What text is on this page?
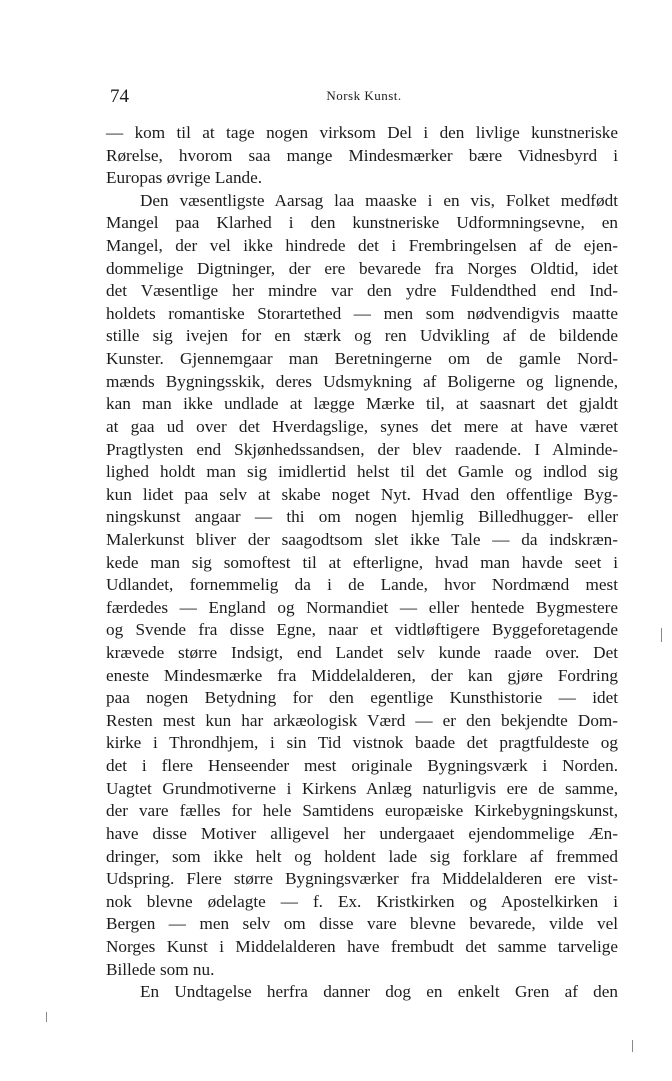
74	Norsk Kunst.
— kom til at tage nogen virksom Del i den livlige kunstneriske
Rørelse, hvorom saa mange Mindesmærker bære Vidnesbyrd i
Europas øvrige Lande.
Den væsentligste Aarsag laa maaske i en vis, Folket medfødt
Mangel paa Klarhed i den kunstneriske Udformningsevne, en
Mangel, der vel ikke hindrede det i Frembringelsen af de ejen-
dommelige Digtninger, der ere bevarede fra Norges Oldtid, idet
det Væsentlige her mindre var den ydre Fuldendthed end Ind-
holdets romantiske Storartethed — men som nødvendigvis maatte
stille sig ivejen for en stærk og ren Udvikling af de bildende
Kunster. Gjennemgaar man Beretningerne om de gamle Nord-
mænds Bygningsskik, deres Udsmykning af Boligerne og lignende,
kan man ikke undlade at lægge Mærke til, at saasnart det gjaldt
at gaa ud over det Hverdagslige, synes det mere at have været
Pragtlysten end Skjønhedssandsen, der blev raadende. I Alminde-
lighed holdt man sig imidlertid helst til det Gamle og indlod sig
kun lidet paa selv at skabe noget Nyt. Hvad den offentlige Byg-
ningskunst angaar — thi om nogen hjemlig Billedhugger- eller
Malerkunst bliver der saagodtsom slet ikke Tale — da indskræn-
kede man sig somoftest til at efterligne, hvad man havde seet i
Udlandet, fornemmelig da i de Lande, hvor Nordmænd mest
færdedes — England og Normandiet — eller hentede Bygmestere
og Svende fra disse Egne, naar et vidtløftigere Byggeforetagende
krævede større Indsigt, end Landet selv kunde raade over. Det
eneste Mindesmærke fra Middelalderen, der kan gjøre Fordring
paa nogen Betydning for den egentlige Kunsthistorie — idet
Resten mest kun har arkæologisk Værd — er den bekjendte Dom-
kirke i Throndhjem, i sin Tid vistnok baade det pragtfuldeste og
det i flere Henseender mest originale Bygningsværk i Norden.
Uagtet Grundmotiverne i Kirkens Anlæg naturligvis ere de samme,
der vare fælles for hele Samtidens europæiske Kirkebygningskunst,
have disse Motiver alligevel her undergaaet ejendommelige Æn-
dringer, som ikke helt og holdent lade sig forklare af fremmed
Udspring. Flere større Bygningsværker fra Middelalderen ere vist-
nok blevne ødelagte — f. Ex. Kristkirken og Apostelkirken i
Bergen — men selv om disse vare blevne bevarede, vilde vel
Norges Kunst i Middelalderen have frembudt det samme tarvelige
Billede som nu.
En Undtagelse herfra danner dog en enkelt Gren af den
